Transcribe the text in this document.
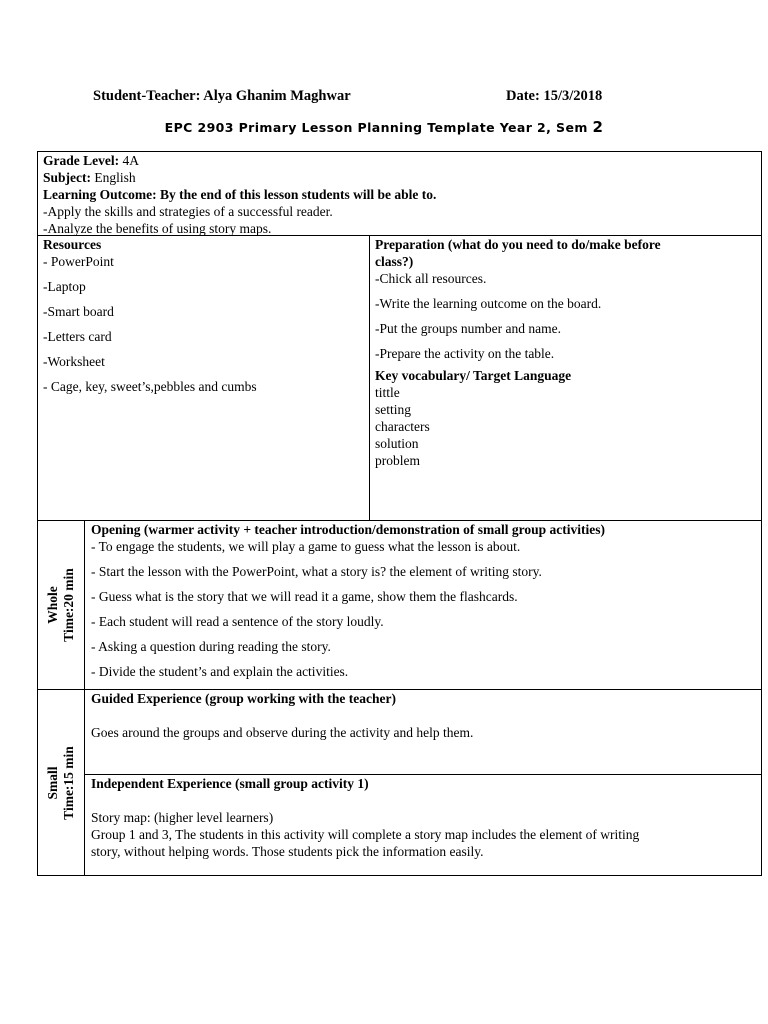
Student-Teacher: Alya Ghanim Maghwar	Date: 15/3/2018
EPC 2903 Primary Lesson Planning Template Year 2, Sem 2

Grade Level: 4A

Subject: English

Learning Outcome: By the end of this lesson students will be able to.

-Apply the skills and strategies of a successful reader.

-Analyze the benefits of using story maps.

Resources

- PowerPoint

-Laptop

-Smart board

-Letters card

-Worksheet

- Cage, key, sweet’s,pebbles and cumbs

Preparation (what do you need to do/make before

class?)

-Chick all resources.

-Write the learning outcome on the board.

-Put the groups number and name.

-Prepare the activity on the table.

Key vocabulary/ Target Language

tittle

setting

characters

solution

problem

Whole Time:20 min

Opening (warmer activity + teacher introduction/demonstration of small group activities)

- To engage the students, we will play a game to guess what the lesson is about.

- Start the lesson with the PowerPoint, what a story is? the element of writing story.

- Guess what is the story that we will read it a game, show them the flashcards.

- Each student will read a sentence of the story loudly.

- Asking a question during reading the story.

- Divide the student’s and explain the activities.

Small Time:15 min

Guided Experience (group working with the teacher)

Goes around the groups and observe during the activity and help them.

Independent Experience (small group activity 1)

Story map: (higher level learners)

Group 1 and 3, The students in this activity will complete a story map includes the element of writing

story, without helping words. Those students pick the information easily.
